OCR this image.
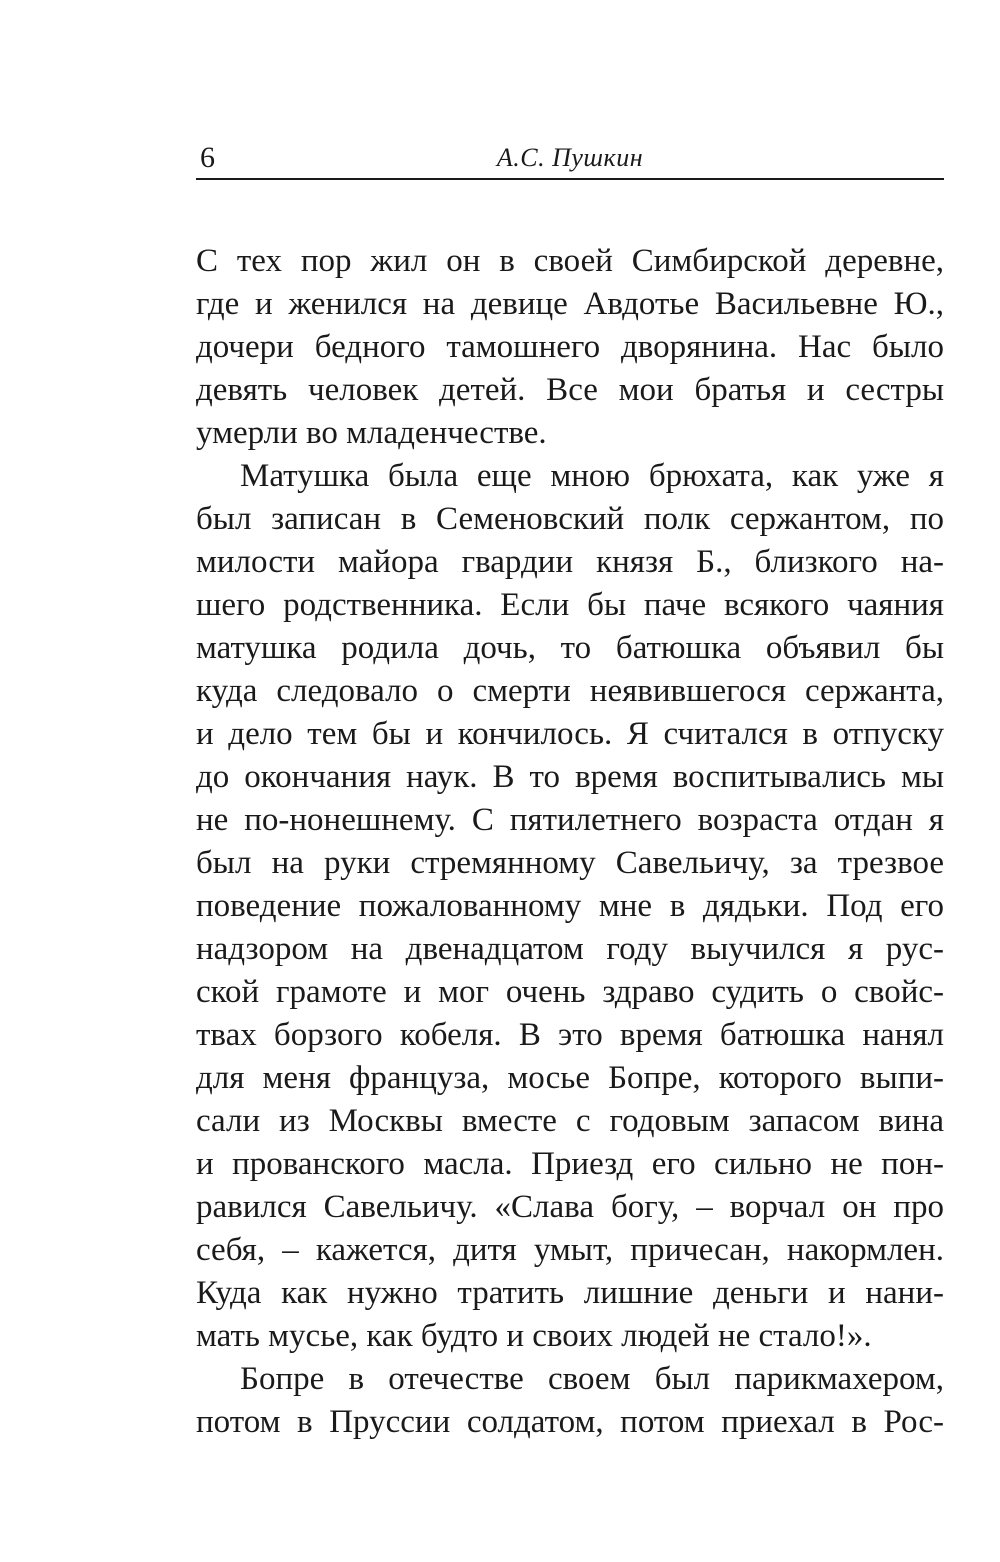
6	А.С. Пушкин
С тех пор жил он в своей Симбирской деревне,
где и женился на девице Авдотье Васильевне Ю.,
дочери бедного тамошнего дворянина. Нас было
девять человек детей. Все мои братья и сестры
умерли во младенчестве.
Матушка была еще мною брюхата, как уже я
был записан в Семеновский полк сержантом, по
милости майора гвардии князя Б., близкого на-
шего родственника. Если бы паче всякого чаяния
матушка родила дочь, то батюшка объявил бы
куда следовало о смерти неявившегося сержанта,
и дело тем бы и кончилось. Я считался в отпуску
до окончания наук. В то время воспитывались мы
не по-нонешнему. С пятилетнего возраста отдан я
был на руки стремянному Савельичу, за трезвое
поведение пожалованному мне в дядьки. Под его
надзором на двенадцатом году выучился я рус-
ской грамоте и мог очень здраво судить о свойс-
твах борзого кобеля. В это время батюшка нанял
для меня француза, мосье Бопре, которого выпи-
сали из Москвы вместе с годовым запасом вина
и прованского масла. Приезд его сильно не пон-
равился Савельичу. «Слава богу, – ворчал он про
себя, – кажется, дитя умыт, причесан, накормлен.
Куда как нужно тратить лишние деньги и нани-
мать мусье, как будто и своих людей не стало!».
Бопре в отечестве своем был парикмахером,
потом в Пруссии солдатом, потом приехал в Рос-
